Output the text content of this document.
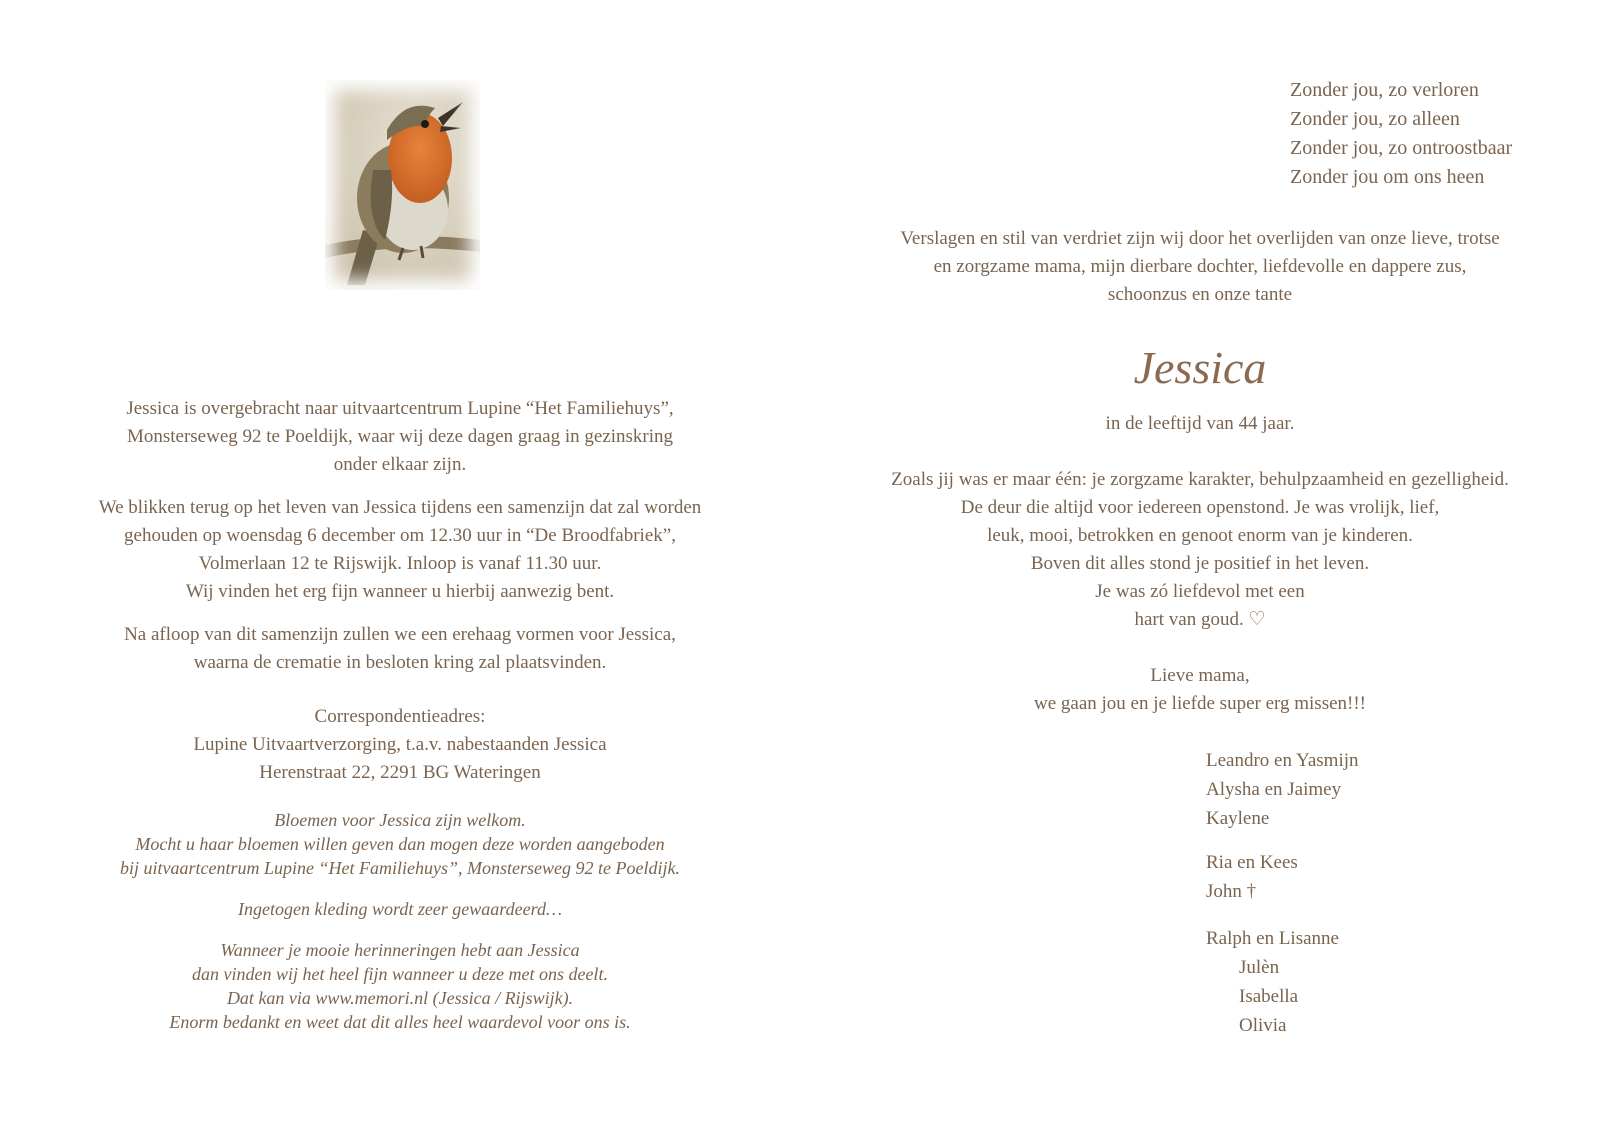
Jessica is overgebracht naar uitvaartcentrum Lupine “Het Familiehuys”,

Monsterseweg 92 te Poeldijk, waar wij deze dagen graag in gezinskring

onder elkaar zijn.

We blikken terug op het leven van Jessica tijdens een samenzijn dat zal worden

gehouden op woensdag 6 december om 12.30 uur in “De Broodfabriek”,

Volmerlaan 12 te Rijswijk. Inloop is vanaf 11.30 uur.

Wij vinden het erg fijn wanneer u hierbij aanwezig bent.

Na afloop van dit samenzijn zullen we een erehaag vormen voor Jessica,

waarna de crematie in besloten kring zal plaatsvinden.

Correspondentieadres:

Lupine Uitvaartverzorging, t.a.v. nabestaanden Jessica

Herenstraat 22, 2291 BG Wateringen

Bloemen voor Jessica zijn welkom.

Mocht u haar bloemen willen geven dan mogen deze worden aangeboden

bij uitvaartcentrum Lupine “Het Familiehuys”, Monsterseweg 92 te Poeldijk.

Ingetogen kleding wordt zeer gewaardeerd…

Wanneer je mooie herinneringen hebt aan Jessica

dan vinden wij het heel fijn wanneer u deze met ons deelt.

Dat kan via www.memori.nl (Jessica / Rijswijk).

Enorm bedankt en weet dat dit alles heel waardevol voor ons is.

Zonder jou, zo verloren

Zonder jou, zo alleen

Zonder jou, zo ontroostbaar

Zonder jou om ons heen

Verslagen en stil van verdriet zijn wij door het overlijden van onze lieve, trotse

en zorgzame mama, mijn dierbare dochter, liefdevolle en dappere zus,

schoonzus en onze tante

Jessica

in de leeftijd van 44 jaar.

Zoals jij was er maar één: je zorgzame karakter, behulpzaamheid en gezelligheid.

De deur die altijd voor iedereen openstond. Je was vrolijk, lief,

leuk, mooi, betrokken en genoot enorm van je kinderen.

Boven dit alles stond je positief in het leven.

Je was zó liefdevol met een

hart van goud. ♡

Lieve mama,

we gaan jou en je liefde super erg missen!!!

Leandro en Yasmijn

Alysha en Jaimey

Kaylene

Ria en Kees

John †

Ralph en Lisanne

Julèn

Isabella

Olivia
